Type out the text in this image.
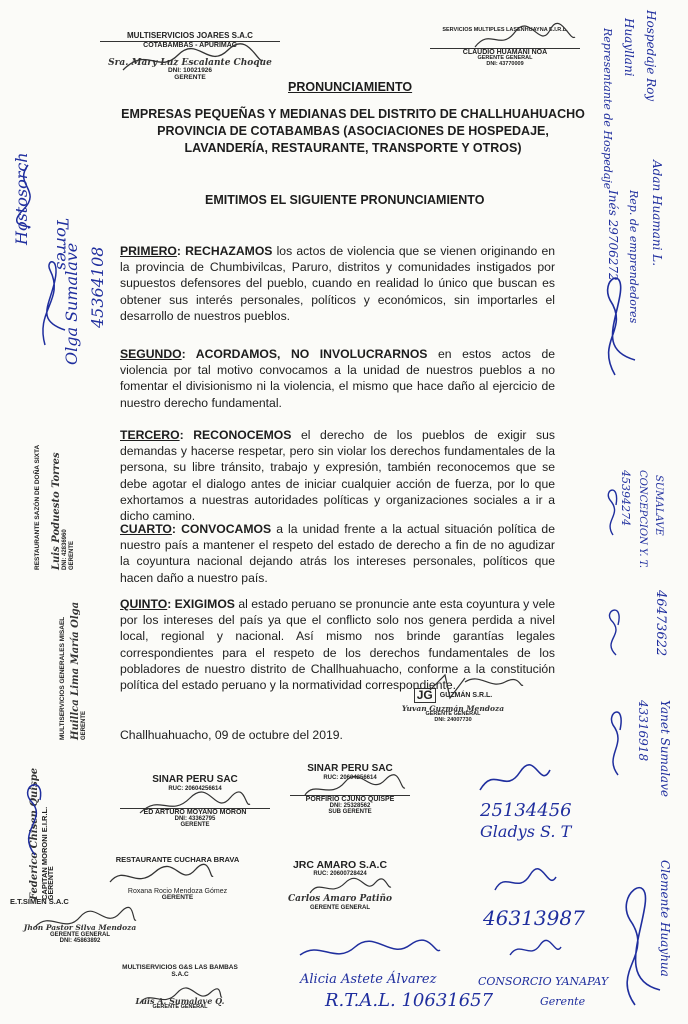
MULTISERVICIOS JOARES S.A.C
COTABAMBAS - APURIMAC
Sra. Mary Luz Escalante Choque
DNI: 10021926
GERENTE
SERVICIOS MULTIPLES LASENHUAYNA E.I.R.L.
CLAUDIO HUAMANI NOA
GERENTE GENERAL
DNI: 43770009
PRONUNCIAMIENTO
EMPRESAS PEQUEÑAS Y MEDIANAS DEL DISTRITO DE CHALLHUAHUACHO PROVINCIA DE COTABAMBAS (ASOCIACIONES DE HOSPEDAJE, LAVANDERÍA, RESTAURANTE, TRANSPORTE Y OTROS)
EMITIMOS EL SIGUIENTE PRONUNCIAMIENTO
PRIMERO: RECHAZAMOS los actos de violencia que se vienen originando en la provincia de Chumbivilcas, Paruro, distritos y comunidades instigados por supuestos defensores del pueblo, cuando en realidad lo único que buscan es obtener sus interés personales, políticos y económicos, sin importarles el desarrollo de nuestros pueblos.
SEGUNDO: ACORDAMOS, NO INVOLUCRARNOS en estos actos de violencia por tal motivo convocamos a la unidad de nuestros pueblos a no fomentar el divisionismo ni la violencia, el mismo que hace daño al ejercicio de nuestro derecho fundamental.
TERCERO: RECONOCEMOS el derecho de los pueblos de exigir sus demandas y hacerse respetar, pero sin violar los derechos fundamentales de la persona, su libre tránsito, trabajo y expresión, también reconocemos que se debe agotar el dialogo antes de iniciar cualquier acción de fuerza, por lo que exhortamos a nuestras autoridades políticas y organizaciones sociales a ir a dicho camino.
CUARTO: CONVOCAMOS a la unidad frente a la actual situación política de nuestro país a mantener el respeto del estado de derecho a fin de no agudizar la coyuntura nacional dejando atrás los intereses personales, políticos que hacen daño a nuestro país.
QUINTO: EXIGIMOS al estado peruano se pronuncie ante esta coyuntura y vele por los intereses del país ya que el conflicto solo nos genera perdida a nivel local, regional y nacional. Así mismo nos brinde garantías legales correspondientes para el respeto de los derechos fundamentales de los pobladores de nuestro distrito de Challhuahuacho, conforme a la constitución política del estado peruano y la normatividad correspondiente.
JG	GUZMÁN S.R.L.
Yuvan Guzmán Mendoza
GERENTE GENERAL
DNI: 24007730
Challhuahuacho, 09 de octubre del 2019.
SINAR PERU SAC
RUC: 20604256614
ED ARTURO MOYANO MORON
DNI: 43362795
GERENTE
SINAR PERU SAC
RUC: 20604256614
PORFIRIO CJUNO QUISPE
DNI: 25328562
SUB GERENTE
RESTAURANTE CUCHARA BRAVA
Roxana Rocio Mendoza Gómez
GERENTE
JRC AMARO S.A.C
RUC: 20600728424
Carlos Amaro Patiño
GERENTE GENERAL
E.T.SIMEN S.A.C
Jhon Pastor Silva Mendoza
GERENTE GENERAL
DNI: 45863892
MULTISERVICIOS G&S LAS BAMBAS S.A.C
Luis A. Sumalave Q.
GERENTE GENERAL
Federico Chisen Quispe CAPITAN MORONI E.I.R.L. GERENTE
RESTAURANTE SAZÓN DE DOÑA SIXTA Luis Poduesto Torres DNI: 42836960 GERENTE
MULTISERVICIOS GENERALES MISAEL Huillca Lima María Olga GERENTE
Hostosorch Torres
Olga Sumalave 45364108
Hospedaje Roy
Huayllani
Representante de Hospedaje
Inés 29706272 Rep. de emprendedores Adan Huamani L.
45394274 CONCEPCION Y. T. SUMALAVE
46473622
Yanet Sumalave
43316918
Clemente Huayhua
25134456
Gladys S. T
46313987
Alicia Astete Álvarez
R.T.A.L. 10631657
CONSORCIO YANAPAY
Gerente
